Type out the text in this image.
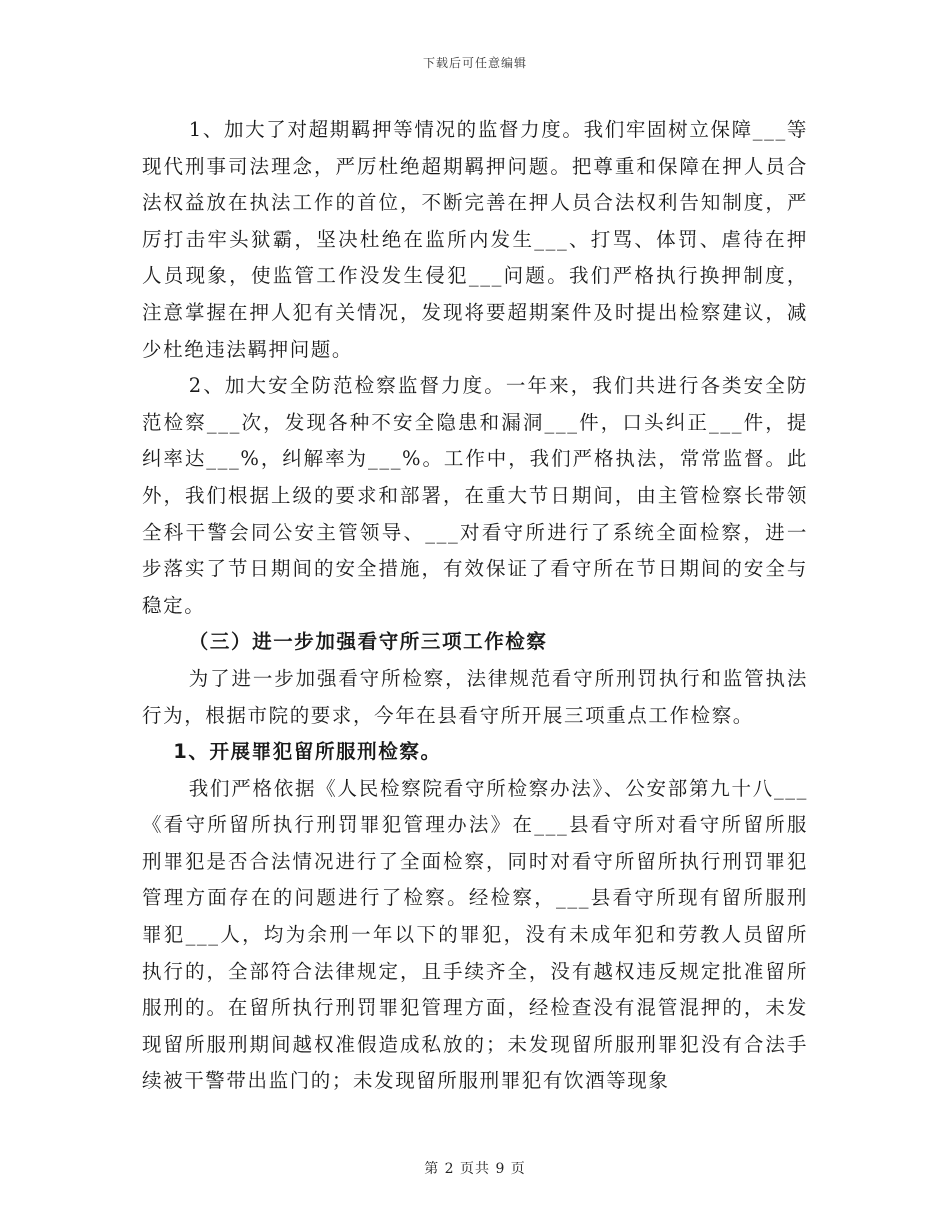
下载后可任意编辑

1、加大了对超期羁押等情况的监督力度。我们牢固树立保障___等现代刑事司法理念，严厉杜绝超期羁押问题。把尊重和保障在押人员合法权益放在执法工作的首位，不断完善在押人员合法权利告知制度，严厉打击牢头狱霸，坚决杜绝在监所内发生___、打骂、体罚、虐待在押人员现象，使监管工作没发生侵犯___问题。我们严格执行换押制度，注意掌握在押人犯有关情况，发现将要超期案件及时提出检察建议，减少杜绝违法羁押问题。

2、加大安全防范检察监督力度。一年来，我们共进行各类安全防范检察___次，发现各种不安全隐患和漏洞___件，口头纠正___件，提纠率达___%，纠解率为___%。工作中，我们严格执法，常常监督。此外，我们根据上级的要求和部署，在重大节日期间，由主管检察长带领全科干警会同公安主管领导、___对看守所进行了系统全面检察，进一步落实了节日期间的安全措施，有效保证了看守所在节日期间的安全与稳定。

（三）进一步加强看守所三项工作检察

为了进一步加强看守所检察，法律规范看守所刑罚执行和监管执法行为，根据市院的要求，今年在县看守所开展三项重点工作检察。

1、开展罪犯留所服刑检察。

我们严格依据《人民检察院看守所检察办法》、公安部第九十八___《看守所留所执行刑罚罪犯管理办法》在___县看守所对看守所留所服刑罪犯是否合法情况进行了全面检察，同时对看守所留所执行刑罚罪犯管理方面存在的问题进行了检察。经检察，___县看守所现有留所服刑罪犯___人，均为余刑一年以下的罪犯，没有未成年犯和劳教人员留所执行的，全部符合法律规定，且手续齐全，没有越权违反规定批准留所服刑的。在留所执行刑罚罪犯管理方面，经检查没有混管混押的，未发现留所服刑期间越权准假造成私放的；未发现留所服刑罪犯没有合法手续被干警带出监门的；未发现留所服刑罪犯有饮酒等现象

第 2 页共 9 页
